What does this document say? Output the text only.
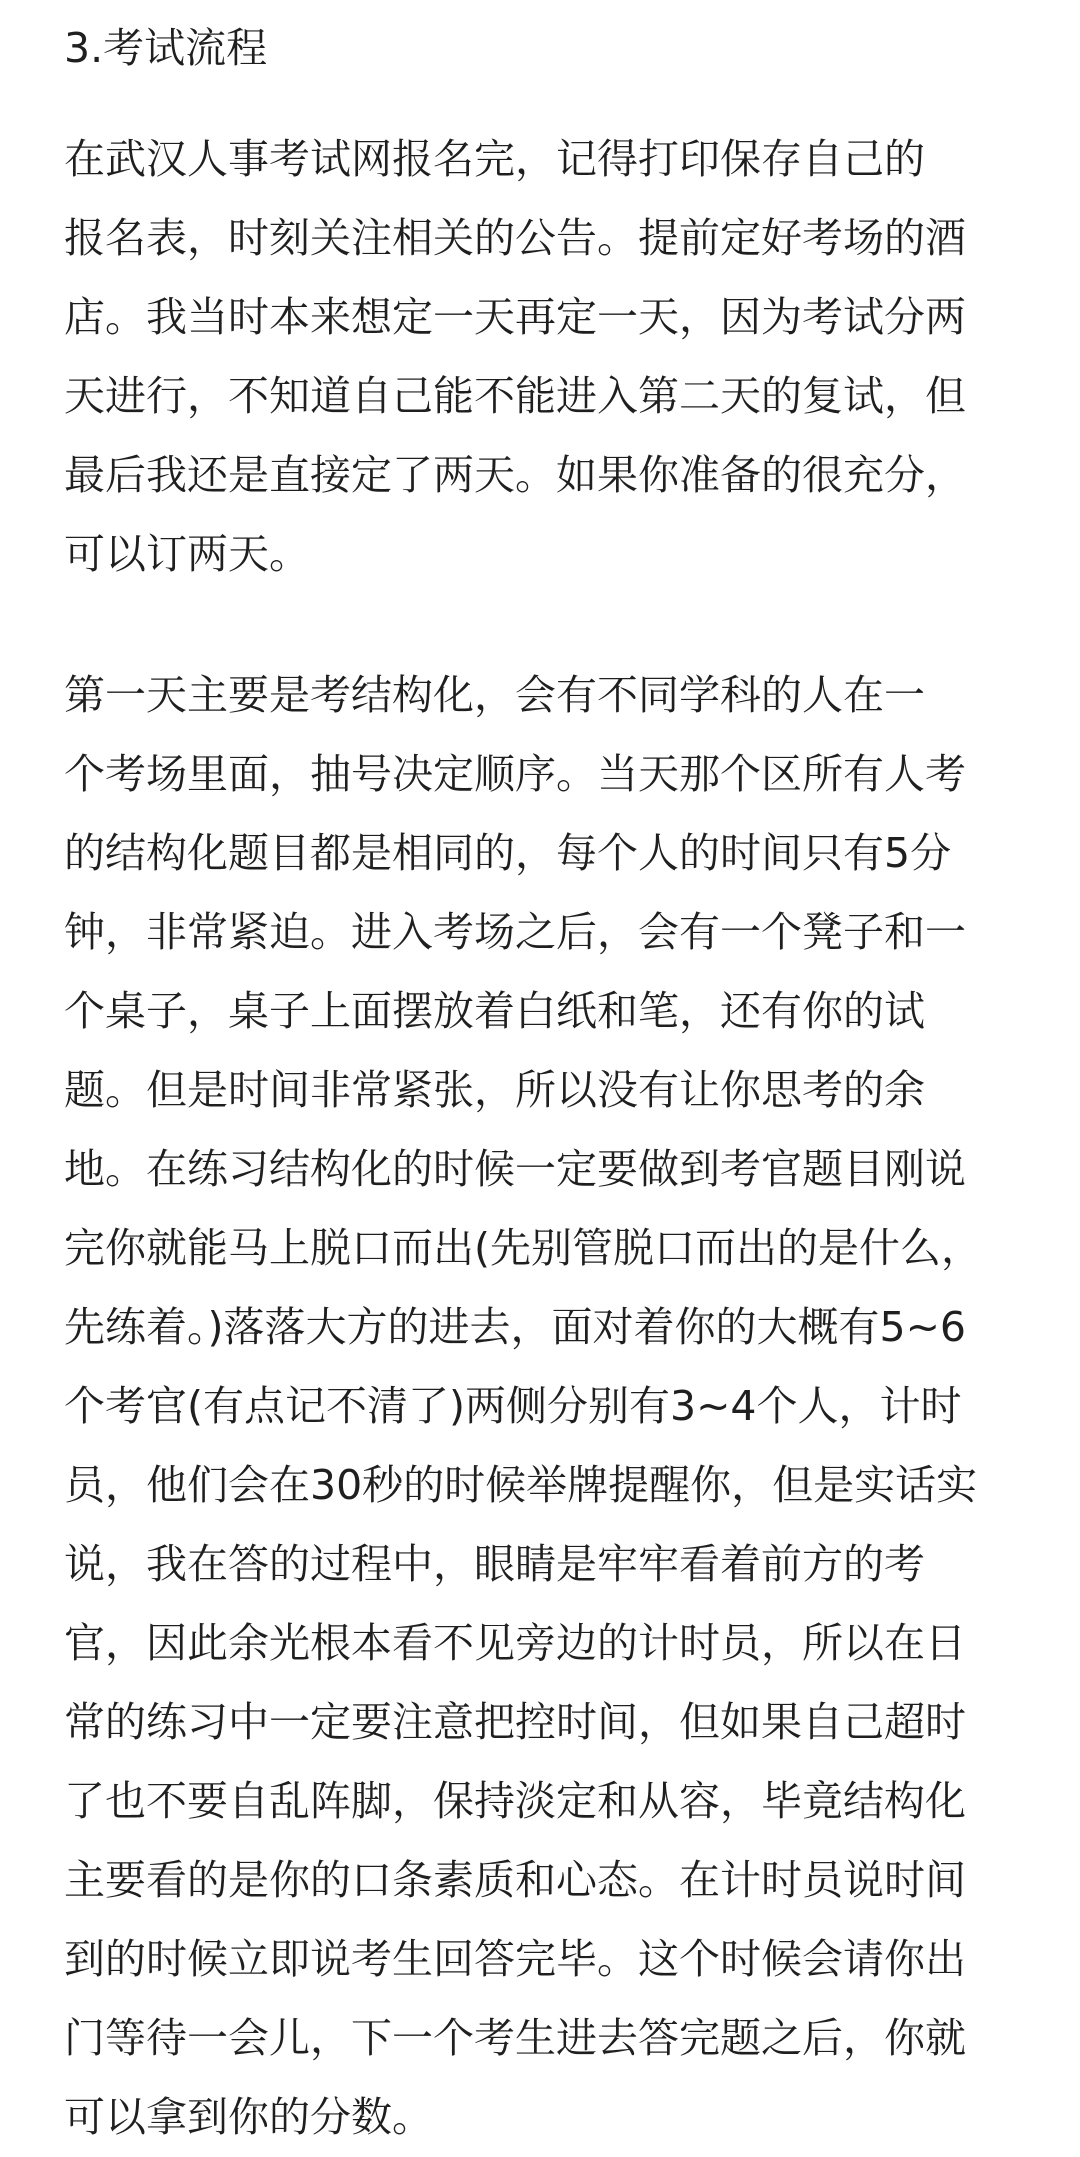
3.考试流程
在武汉人事考试网报名完，记得打印保存自己的
报名表，时刻关注相关的公告。提前定好考场的酒
店。我当时本来想定一天再定一天，因为考试分两
天进行，不知道自己能不能进入第二天的复试，但
最后我还是直接定了两天。如果你准备的很充分，
可以订两天。
第一天主要是考结构化，会有不同学科的人在一
个考场里面，抽号决定顺序。当天那个区所有人考
的结构化题目都是相同的，每个人的时间只有5分
钟，非常紧迫。进入考场之后，会有一个凳子和一
个桌子，桌子上面摆放着白纸和笔，还有你的试
题。但是时间非常紧张，所以没有让你思考的余
地。在练习结构化的时候一定要做到考官题目刚说
完你就能马上脱口而出(先别管脱口而出的是什么，
先练着。)落落大方的进去，面对着你的大概有5~6
个考官(有点记不清了)两侧分别有3~4个人，计时
员，他们会在30秒的时候举牌提醒你，但是实话实
说，我在答的过程中，眼睛是牢牢看着前方的考
官，因此余光根本看不见旁边的计时员，所以在日
常的练习中一定要注意把控时间，但如果自己超时
了也不要自乱阵脚，保持淡定和从容，毕竟结构化
主要看的是你的口条素质和心态。在计时员说时间
到的时候立即说考生回答完毕。这个时候会请你出
门等待一会儿，下一个考生进去答完题之后，你就
可以拿到你的分数。
